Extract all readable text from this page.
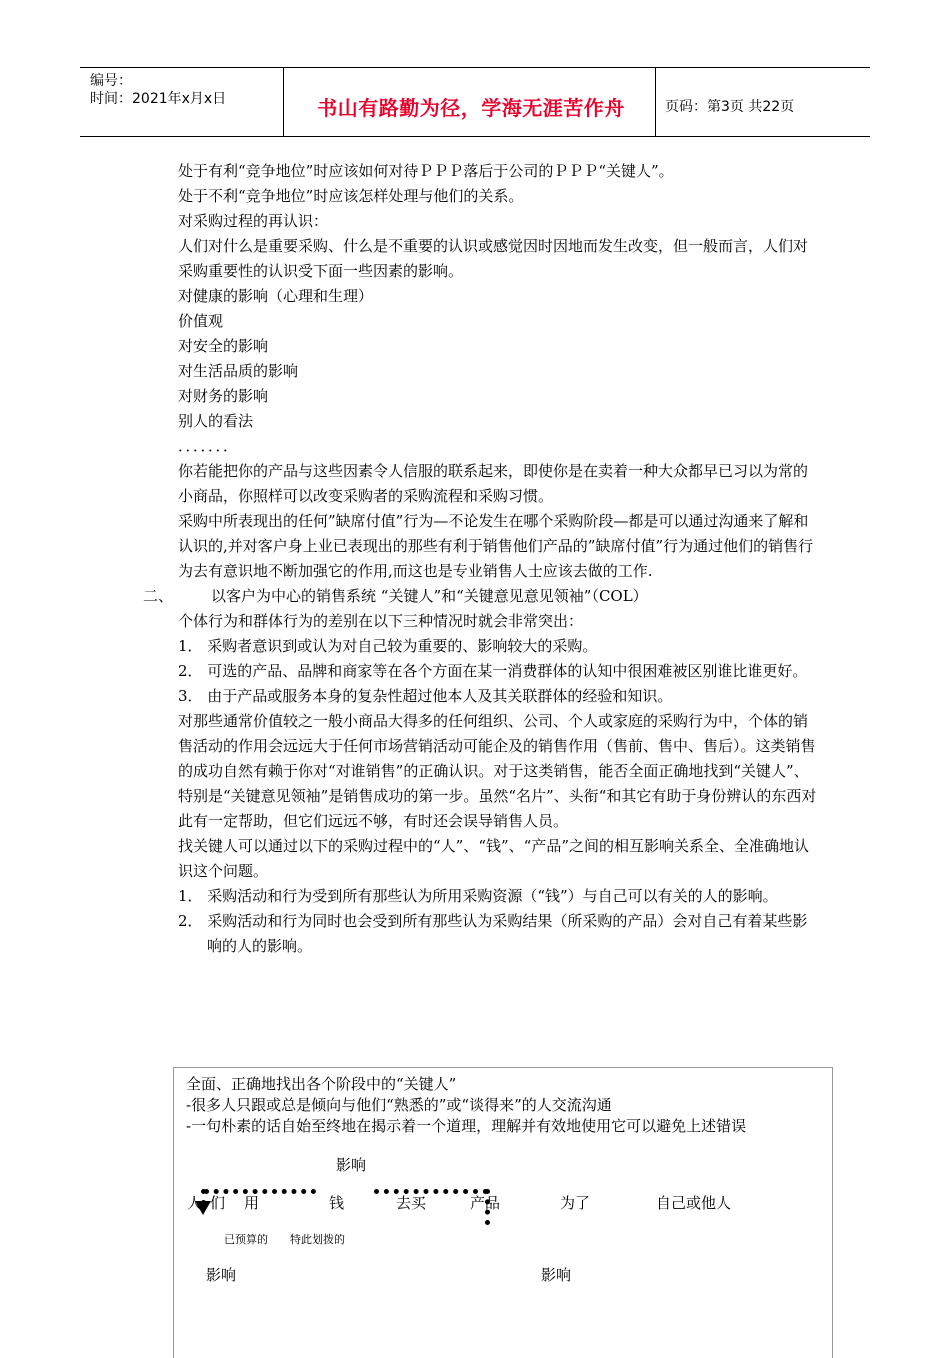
编号：
时间：2021年x月x日	书山有路勤为径，学海无涯苦作舟	页码：第3页 共22页

处于有利“竞争地位”时应该如何对待ＰＰＰ落后于公司的ＰＰＰ“关键人”。

处于不利“竞争地位”时应该怎样处理与他们的关系。

对采购过程的再认识：

人们对什么是重要采购、什么是不重要的认识或感觉因时因地而发生改变，但一般而言，人们对采购重要性的认识受下面一些因素的影响。

对健康的影响（心理和生理）

价值观

对安全的影响

对生活品质的影响

对财务的影响

别人的看法

．．．．．．．

你若能把你的产品与这些因素令人信服的联系起来，即使你是在卖着一种大众都早已习以为常的小商品，你照样可以改变采购者的采购流程和采购习惯。

采购中所表现出的任何”缺席付值”行为—不论发生在哪个采购阶段—都是可以通过沟通来了解和认识的,并对客户身上业已表现出的那些有利于销售他们产品的”缺席付值”行为通过他们的销售行为去有意识地不断加强它的作用,而这也是专业销售人士应该去做的工作.

二、	以客户为中心的销售系统 “关键人”和“关键意见意见领袖”（COL）

个体行为和群体行为的差别在以下三种情况时就会非常突出：

1． 采购者意识到或认为对自己较为重要的、影响较大的采购。

2． 可选的产品、品牌和商家等在各个方面在某一消费群体的认知中很困难被区别谁比谁更好。

3． 由于产品或服务本身的复杂性超过他本人及其关联群体的经验和知识。

对那些通常价值较之一般小商品大得多的任何组织、公司、个人或家庭的采购行为中，个体的销售活动的作用会远远大于任何市场营销活动可能企及的销售作用（售前、售中、售后）。这类销售的成功自然有赖于你对“对谁销售”的正确认识。对于这类销售，能否全面正确地找到“关键人”、特别是“关键意见领袖”是销售成功的第一步。虽然“名片”、头衔“和其它有助于身份辨认的东西对此有一定帮助，但它们远远不够，有时还会误导销售人员。

找关键人可以通过以下的采购过程中的“人”、“钱”、“产品”之间的相互影响关系全、全准确地认识这个问题。

1． 采购活动和行为受到所有那些认为所用采购资源（“钱”）与自己可以有关的人的影响。

2． 采购活动和行为同时也会受到所有那些认为采购结果（所采购的产品）会对自己有着某些影响的人的影响。

全面、正确地找出各个阶段中的“关键人”

-很多人只跟或总是倾向与他们“熟悉的”或“谈得来”的人交流沟通

-一句朴素的话自始至终地在揭示着一个道理，理解并有效地使用它可以避免上述错误

影响
人们 用	钱	去买	产品	为了	自己或他人
已预算的 特此划拨的
影响	影响
